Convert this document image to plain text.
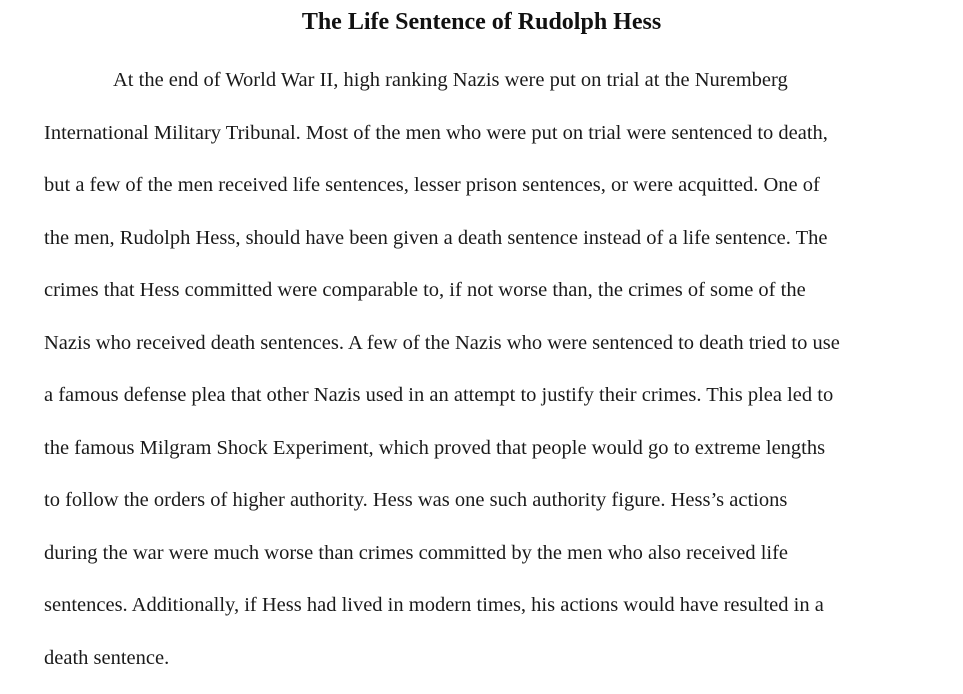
The Life Sentence of Rudolph Hess
At the end of World War II, high ranking Nazis were put on trial at the Nuremberg
International Military Tribunal. Most of the men who were put on trial were sentenced to death,
but a few of the men received life sentences, lesser prison sentences, or were acquitted. One of
the men, Rudolph Hess, should have been given a death sentence instead of a life sentence. The
crimes that Hess committed were comparable to, if not worse than, the crimes of some of the
Nazis who received death sentences. A few of the Nazis who were sentenced to death tried to use
a famous defense plea that other Nazis used in an attempt to justify their crimes. This plea led to
the famous Milgram Shock Experiment, which proved that people would go to extreme lengths
to follow the orders of higher authority. Hess was one such authority figure. Hess’s actions
during the war were much worse than crimes committed by the men who also received life
sentences. Additionally, if Hess had lived in modern times, his actions would have resulted in a
death sentence.
